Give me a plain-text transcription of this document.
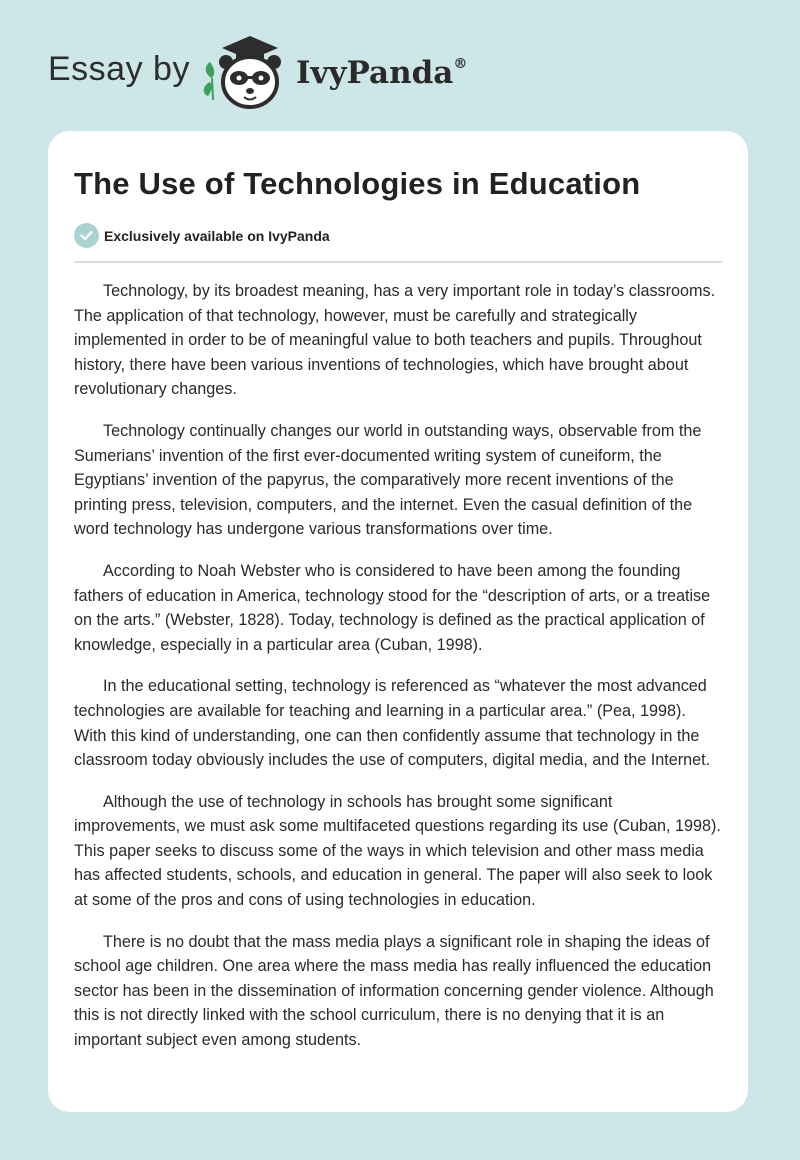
Essay by	IvyPanda®
The Use of Technologies in Education
Exclusively available on IvyPanda

Technology, by its broadest meaning, has a very important role in today’s classrooms. The application of that technology, however, must be carefully and strategically implemented in order to be of meaningful value to both teachers and pupils. Throughout history, there have been various inventions of technologies, which have brought about revolutionary changes.

Technology continually changes our world in outstanding ways, observable from the Sumerians’ invention of the first ever-documented writing system of cuneiform, the Egyptians’ invention of the papyrus, the comparatively more recent inventions of the printing press, television, computers, and the internet. Even the casual definition of the word technology has undergone various transformations over time.

According to Noah Webster who is considered to have been among the founding fathers of education in America, technology stood for the “description of arts, or a treatise on the arts.” (Webster, 1828). Today, technology is defined as the practical application of knowledge, especially in a particular area (Cuban, 1998).

In the educational setting, technology is referenced as “whatever the most advanced technologies are available for teaching and learning in a particular area.” (Pea, 1998). With this kind of understanding, one can then confidently assume that technology in the classroom today obviously includes the use of computers, digital media, and the Internet.

Although the use of technology in schools has brought some significant improvements, we must ask some multifaceted questions regarding its use (Cuban, 1998). This paper seeks to discuss some of the ways in which television and other mass media has affected students, schools, and education in general. The paper will also seek to look at some of the pros and cons of using technologies in education.

There is no doubt that the mass media plays a significant role in shaping the ideas of school age children. One area where the mass media has really influenced the education sector has been in the dissemination of information concerning gender violence. Although this is not directly linked with the school curriculum, there is no denying that it is an important subject even among students.
